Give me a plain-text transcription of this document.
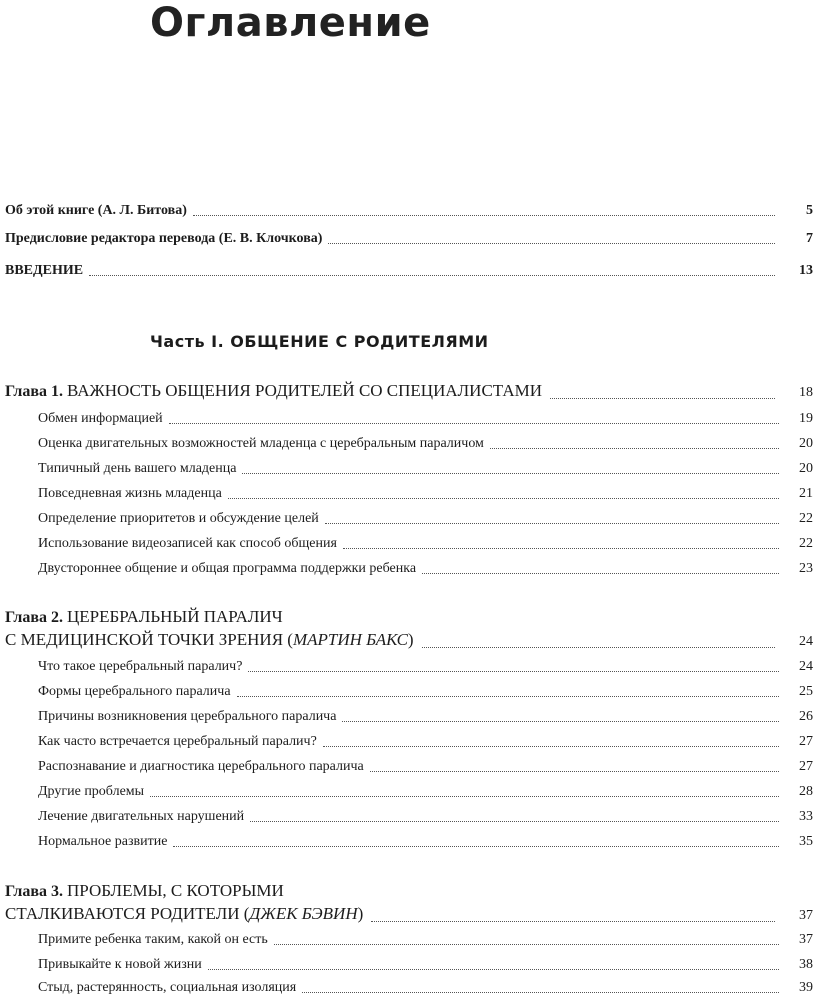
Оглавление
Об этой книге (А. Л. Битова)	5
Предисловие редактора перевода (Е. В. Клочкова)	7
ВВЕДЕНИЕ	13
Часть I. ОБЩЕНИЕ С РОДИТЕЛЯМИ
Глава 1.
ВАЖНОСТЬ ОБЩЕНИЯ РОДИТЕЛЕЙ СО СПЕЦИАЛИСТАМИ	18
Обмен информацией	19
Оценка двигательных возможностей младенца с церебральным параличом	20
Типичный день вашего младенца	20
Повседневная жизнь младенца	21
Определение приоритетов и обсуждение целей	22
Использование видеозаписей как способ общения	22
Двустороннее общение и общая программа поддержки ребенка	23
Глава 2. ЦЕРЕБРАЛЬНЫЙ ПАРАЛИЧ
С МЕДИЦИНСКОЙ ТОЧКИ ЗРЕНИЯ ( МАРТИН БАКС )	24
Что такое церебральный паралич?	24
Формы церебрального паралича	25
Причины возникновения церебрального паралича	26
Как часто встречается церебральный паралич?	27
Распознавание и диагностика церебрального паралича	27
Другие проблемы	28
Лечение двигательных нарушений	33
Нормальное развитие	35
Глава 3. ПРОБЛЕМЫ, С КОТОРЫМИ
СТАЛКИВАЮТСЯ РОДИТЕЛИ ( ДЖЕК БЭВИН )	37
Примите ребенка таким, какой он есть	37
Привыкайте к новой жизни	38
Стыд, растерянность, социальная изоляция	39
